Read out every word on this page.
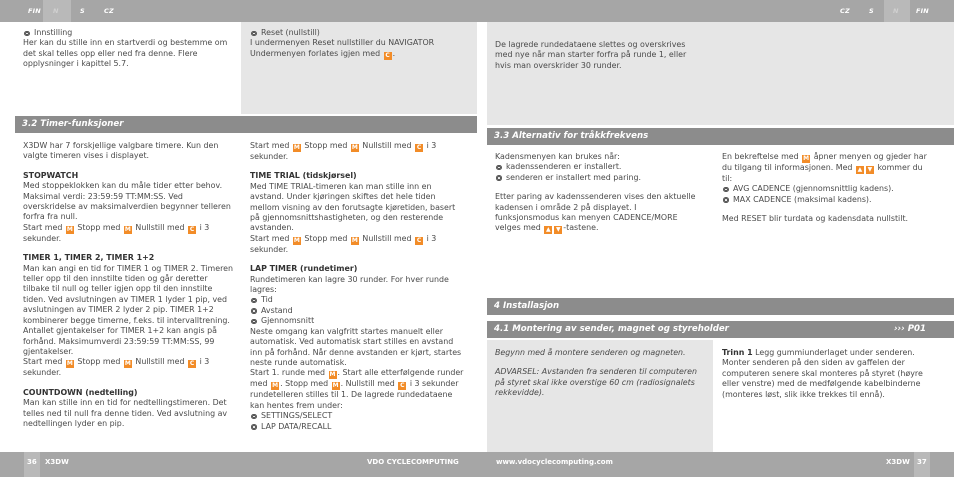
FIN N	S	CZ	CZ	S	N	FIN

Innstilling

Her kan du stille inn en startverdi og bestemme om det skal telles opp eller ned fra denne. Flere opplysninger i kapittel 5.7.

Reset (nullstill)

I undermenyen Reset nullstiller du NAVIGATOR Undermenyen forlates igjen med C .

3.2 Timer-funksjoner

X3DW har 7 forskjellige valgbare timere. Kun den valgte timeren vises i displayet.

STOPWATCH

Med stoppeklokken kan du måle tider etter behov. Maksimal verdi: 23:59:59 TT:MM:SS. Ved overskridelse av maksimalverdien begynner telleren forfra fra null.

Start med M Stopp med M Nullstill med C i 3 sekunder.

TIMER 1, TIMER 2, TIMER 1+2

Man kan angi en tid for TIMER 1 og TIMER 2. Timeren teller opp til den innstilte tiden og går deretter tilbake til null og teller igjen opp til den innstilte tiden. Ved avslutningen av TIMER 1 lyder 1 pip, ved avslutningen av TIMER 2 lyder 2 pip. TIMER 1+2 kombinerer begge timerne, f.eks. til intervalltrening. Antallet gjentakelser for TIMER 1+2 kan angis på forhånd. Maksimumverdi 23:59:59 TT:MM:SS, 99 gjentakelser.

Start med M Stopp med M Nullstill med C i 3 sekunder.

COUNTDOWN (nedtelling)

Man kan stille inn en tid for nedtellingstimeren. Det telles ned til null fra denne tiden. Ved avslutning av nedtellingen lyder en pip.

Start med M Stopp med M Nullstill med C i 3 sekunder.

TIME TRIAL (tidskjørsel)

Med TIME TRIAL-timeren kan man stille inn en avstand. Under kjøringen skiftes det hele tiden mellom visning av den forutsagte kjøretiden, basert på gjennomsnittshastigheten, og den resterende avstanden.

Start med M Stopp med M Nullstill med C i 3 sekunder.

LAP TIMER (rundetimer)

Rundetimeren kan lagre 30 runder. For hver runde lagres:

Tid

Avstand

Gjennomsnitt

Neste omgang kan valgfritt startes manuelt eller automatisk. Ved automatisk start stilles en avstand inn på forhånd. Når denne avstanden er kjørt, startes neste runde automatisk.

Start 1. runde med M . Start alle etterfølgende runder med M . Stopp med M . Nullstill med C i 3 sekunder rundetelleren stilles til 1. De lagrede rundedataene kan hentes frem under:

SETTINGS/SELECT

LAP DATA/RECALL

De lagrede rundedataene slettes og overskrives med nye når man starter forfra på runde 1, eller hvis man overskrider 30 runder.

3.3 Alternativ for tråkkfrekvens

Kadensmenyen kan brukes når:

kadenssenderen er installert.

senderen er installert med paring.

Etter paring av kadenssenderen vises den aktuelle kadensen i område 2 på displayet. I funksjonsmodus kan menyen CADENCE/MORE velges med ▲ ▼ -tastene.

En bekreftelse med M åpner menyen og gjeder har du tilgang til informasjonen. Med ▲ ▼ kommer du til:

AVG CADENCE (gjennomsnittlig kadens).

MAX CADENCE (maksimal kadens).

Med RESET blir turdata og kadensdata nullstilt.

4 Installasjon
4.1 Montering av sender, magnet og styreholder	››› P01

Begynn med å montere senderen og magneten.

ADVARSEL: Avstanden fra senderen til computeren på styret skal ikke overstige 60 cm (radiosignalets rekkevidde).

Trinn 1 Legg gummiunderlaget under senderen. Monter senderen på den siden av gaffelen der computeren senere skal monteres på styret (høyre eller venstre) med de medfølgende kabelbinderne (monteres løst, slik ikke trekkes til ennå).

36 X3DW	VDO CYCLECOMPUTING	www.vdocyclecomputing.com	X3DW 37
